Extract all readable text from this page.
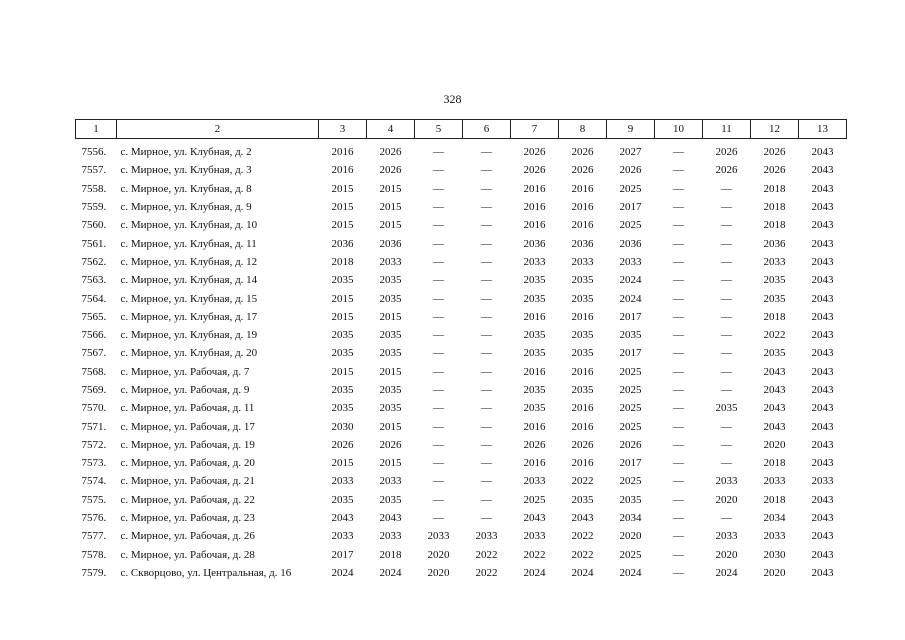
328
1	2	3	4	5	6	7	8	9	10	11	12	13
7556.	с. Мирное, ул. Клубная, д. 2	2016	2026	—	—	2026	2026	2027	—	2026	2026	2043
7557.	с. Мирное, ул. Клубная, д. 3	2016	2026	—	—	2026	2026	2026	—	2026	2026	2043
7558.	с. Мирное, ул. Клубная, д. 8	2015	2015	—	—	2016	2016	2025	—	—	2018	2043
7559.	с. Мирное, ул. Клубная, д. 9	2015	2015	—	—	2016	2016	2017	—	—	2018	2043
7560.	с. Мирное, ул. Клубная, д. 10	2015	2015	—	—	2016	2016	2025	—	—	2018	2043
7561.	с. Мирное, ул. Клубная, д. 11	2036	2036	—	—	2036	2036	2036	—	—	2036	2043
7562.	с. Мирное, ул. Клубная, д. 12	2018	2033	—	—	2033	2033	2033	—	—	2033	2043
7563.	с. Мирное, ул. Клубная, д. 14	2035	2035	—	—	2035	2035	2024	—	—	2035	2043
7564.	с. Мирное, ул. Клубная, д. 15	2015	2035	—	—	2035	2035	2024	—	—	2035	2043
7565.	с. Мирное, ул. Клубная, д. 17	2015	2015	—	—	2016	2016	2017	—	—	2018	2043
7566.	с. Мирное, ул. Клубная, д. 19	2035	2035	—	—	2035	2035	2035	—	—	2022	2043
7567.	с. Мирное, ул. Клубная, д. 20	2035	2035	—	—	2035	2035	2017	—	—	2035	2043
7568.	с. Мирное, ул. Рабочая, д. 7	2015	2015	—	—	2016	2016	2025	—	—	2043	2043
7569.	с. Мирное, ул. Рабочая, д. 9	2035	2035	—	—	2035	2035	2025	—	—	2043	2043
7570.	с. Мирное, ул. Рабочая, д. 11	2035	2035	—	—	2035	2016	2025	—	2035	2043	2043
7571.	с. Мирное, ул. Рабочая, д. 17	2030	2015	—	—	2016	2016	2025	—	—	2043	2043
7572.	с. Мирное, ул. Рабочая, д. 19	2026	2026	—	—	2026	2026	2026	—	—	2020	2043
7573.	с. Мирное, ул. Рабочая, д. 20	2015	2015	—	—	2016	2016	2017	—	—	2018	2043
7574.	с. Мирное, ул. Рабочая, д. 21	2033	2033	—	—	2033	2022	2025	—	2033	2033	2033
7575.	с. Мирное, ул. Рабочая, д. 22	2035	2035	—	—	2025	2035	2035	—	2020	2018	2043
7576.	с. Мирное, ул. Рабочая, д. 23	2043	2043	—	—	2043	2043	2034	—	—	2034	2043
7577.	с. Мирное, ул. Рабочая, д. 26	2033	2033	2033	2033	2033	2022	2020	—	2033	2033	2043
7578.	с. Мирное, ул. Рабочая, д. 28	2017	2018	2020	2022	2022	2022	2025	—	2020	2030	2043
7579.	с. Скворцово, ул. Центральная, д. 16	2024	2024	2020	2022	2024	2024	2024	—	2024	2020	2043
